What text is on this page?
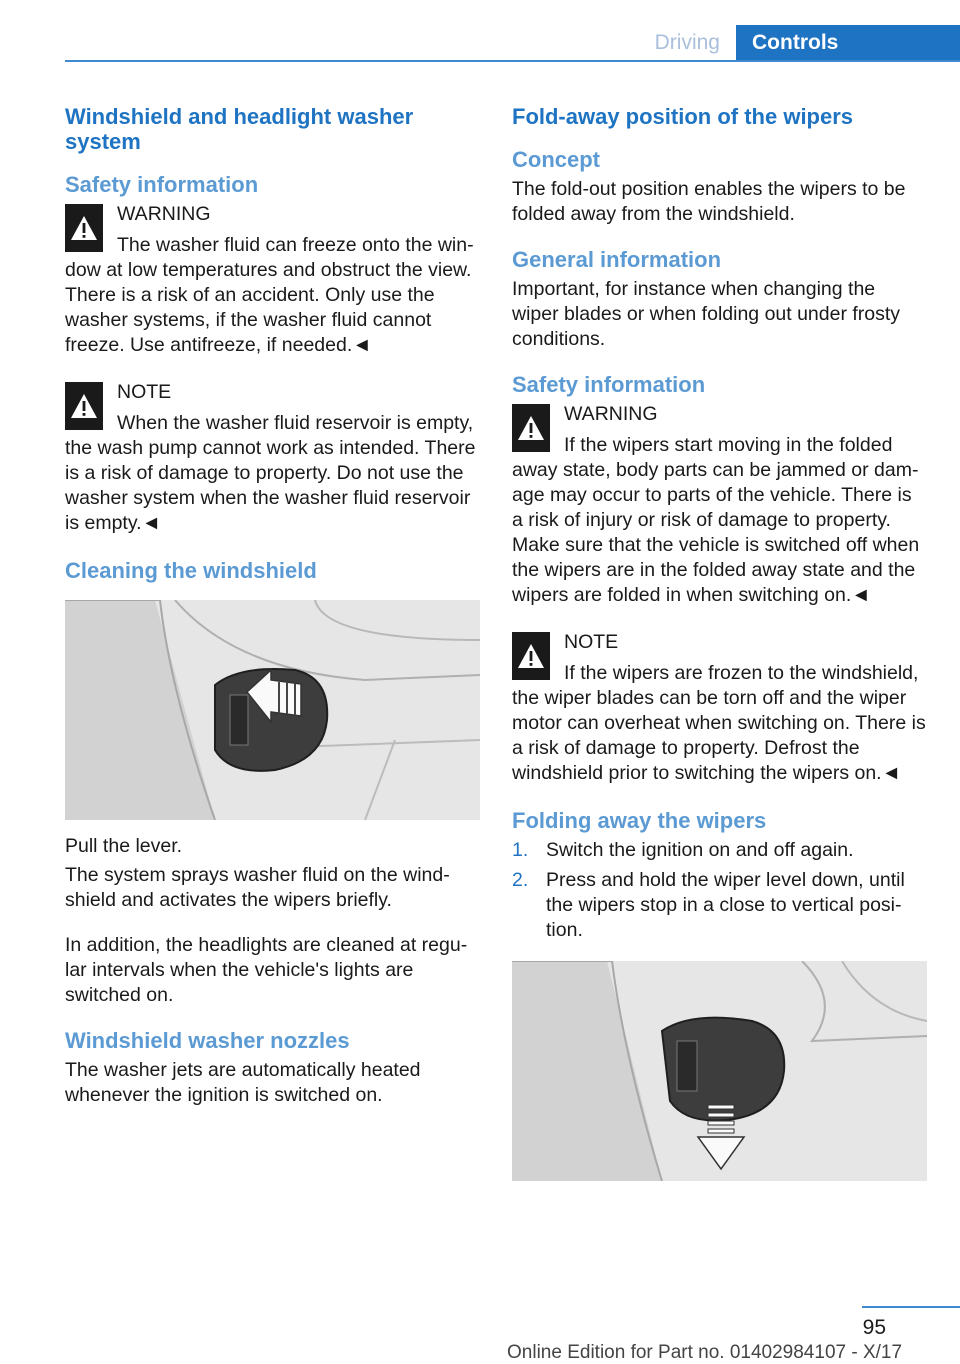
Driving	Controls
Windshield and headlight washer system
Safety information
WARNING
The washer fluid can freeze onto the win-dow at low temperatures and obstruct the view. There is a risk of an accident. Only use the washer systems, if the washer fluid cannot freeze. Use antifreeze, if needed.◄
NOTE
When the washer fluid reservoir is empty, the wash pump cannot work as intended. There is a risk of damage to property. Do not use the washer system when the washer fluid reservoir is empty.◄
Cleaning the windshield

Pull the lever.

The system sprays washer fluid on the wind-shield and activates the wipers briefly.

In addition, the headlights are cleaned at regu-lar intervals when the vehicle's lights are switched on.

Windshield washer nozzles

The washer jets are automatically heated whenever the ignition is switched on.

Fold-away position of the wipers
Concept

The fold-out position enables the wipers to be folded away from the windshield.

General information

Important, for instance when changing the wiper blades or when folding out under frosty conditions.

Safety information
WARNING
If the wipers start moving in the folded away state, body parts can be jammed or dam-age may occur to parts of the vehicle. There is a risk of injury or risk of damage to property. Make sure that the vehicle is switched off when the wipers are in the folded away state and the wipers are folded in when switching on.◄
NOTE
If the wipers are frozen to the windshield, the wiper blades can be torn off and the wiper motor can overheat when switching on. There is a risk of damage to property. Defrost the windshield prior to switching the wipers on.◄
Folding away the wipers
1. Switch the ignition on and off again.
2. Press and hold the wiper level down, until the wipers stop in a close to vertical posi-tion.
95
Online Edition for Part no. 01402984107 - X/17
